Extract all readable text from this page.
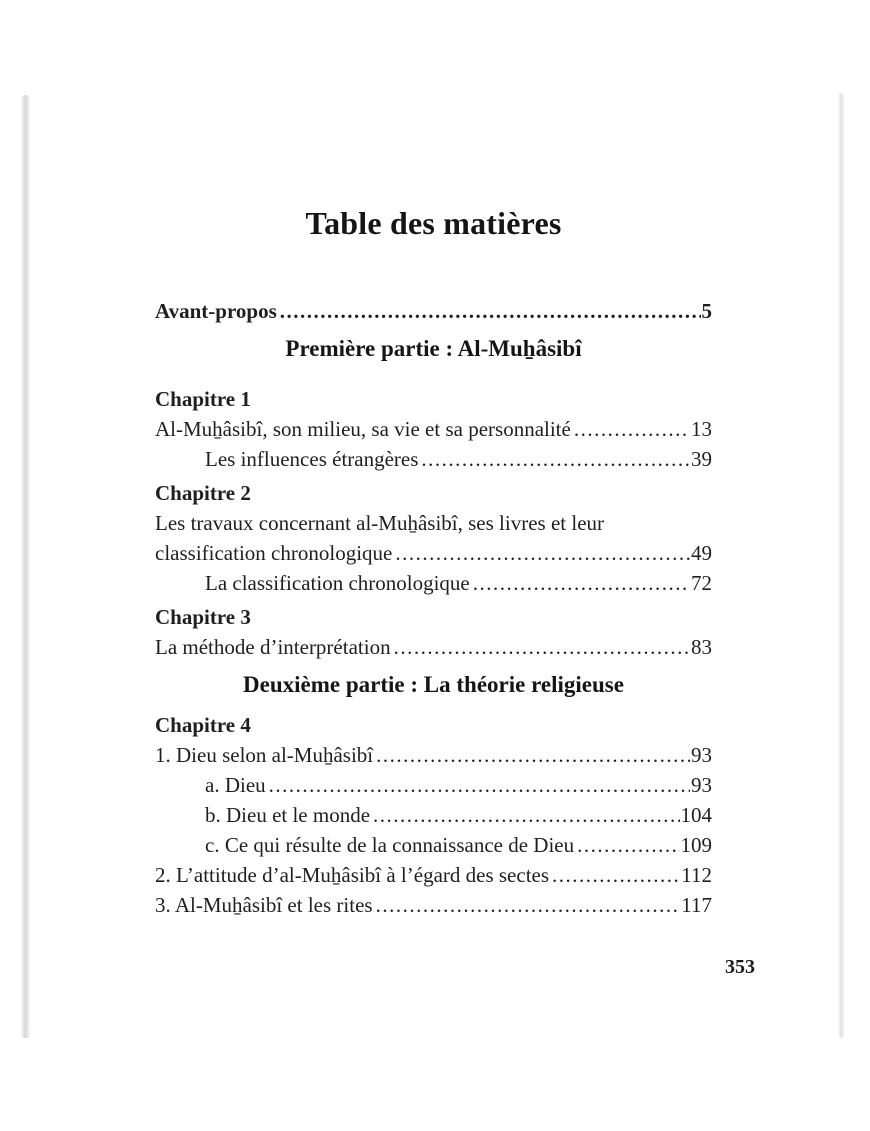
Table des matières
Avant-propos .....	5
Première partie : Al-Muẖâsibî
Chapitre 1
Al-Muẖâsibî, son milieu, sa vie et sa personnalité .....	13
Les influences étrangères .....	39
Chapitre 2
Les travaux concernant al-Muẖâsibî, ses livres et leur
classification chronologique .....	49
La classification chronologique .....	72
Chapitre 3
La méthode d’interprétation .....	83
Deuxième partie : La théorie religieuse
Chapitre 4
1. Dieu selon al-Muẖâsibî .....	93
a. Dieu .....	93
b. Dieu et le monde .....	104
c. Ce qui résulte de la connaissance de Dieu .....	109
2. L’attitude d’al-Muẖâsibî à l’égard des sectes .....	112
3. Al-Muẖâsibî et les rites .....	117
353
